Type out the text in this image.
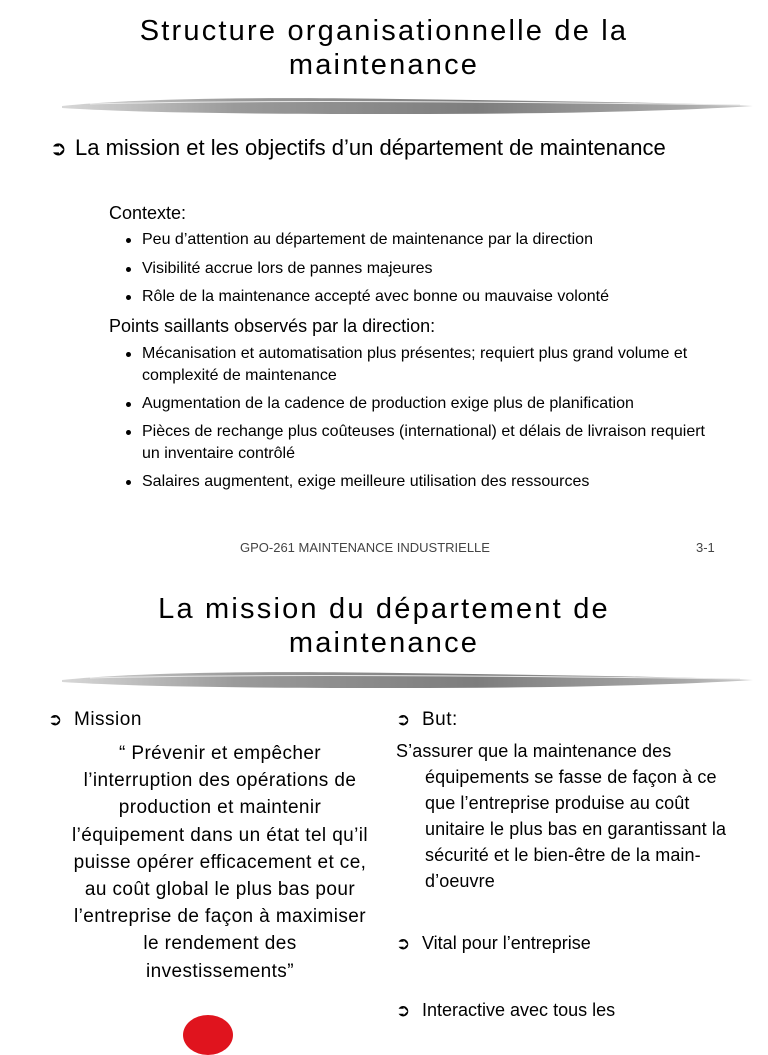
Structure organisationnelle de la
maintenance
➲ La mission et les objectifs d’un département de maintenance
Contexte:
Peu d’attention au département de maintenance par la direction
Visibilité accrue lors de pannes majeures
Rôle de la maintenance accepté avec bonne ou mauvaise volonté
Points saillants observés par la direction:
Mécanisation et automatisation plus présentes; requiert plus grand volume et complexité de maintenance
Augmentation de la cadence de production exige plus de planification
Pièces de rechange plus coûteuses (international) et délais de livraison requiert un inventaire contrôlé
Salaires augmentent, exige meilleure utilisation des ressources
GPO-261 MAINTENANCE INDUSTRIELLE	3-1
La mission du département de
maintenance
➲ Mission
“ Prévenir et empêcher l’interruption des opérations de production et maintenir l’équipement dans un état tel qu’il puisse opérer efficacement et ce, au coût global le plus bas pour l’entreprise de façon à maximiser le rendement des investissements”
➲ But:
S’assurer que la maintenance des équipements se fasse de façon à ce que l’entreprise produise au coût unitaire le plus bas en garantissant la sécurité et le bien-être de la main-d’oeuvre
➲ Vital pour l’entreprise
➲ Interactive avec tous les
